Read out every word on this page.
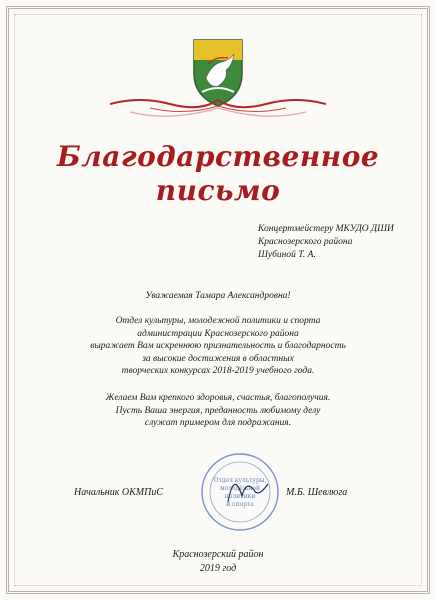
Благодарственное
письмо
Концертмейстеру МКУДО ДШИ
Краснозерского района
Шубиной Т. А.
Уважаемая Тамара Александровна!
Отдел культуры, молодежной политики и спорта
администрации Краснозерского района
выражает Вам искреннюю признательность и благодарность
за высокие достижения в областных
творческих конкурсах 2018-2019 учебного года.
Желаем Вам крепкого здоровья, счастья, благополучия.
Пусть Ваша энергия, преданность любимому делу
служат примером для подражания.
Отдел культуры,
молодёжной
политики
и спорта
Начальник ОКМПиС	М.Б. Шевлюга
Краснозерский район
2019 год
